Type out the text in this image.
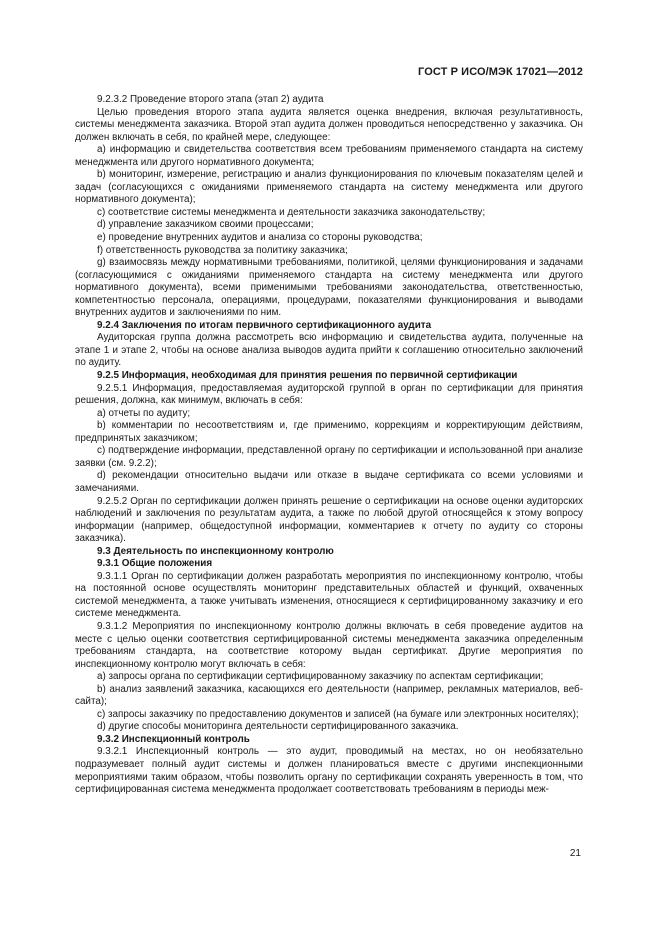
ГОСТ Р ИСО/МЭК 17021—2012

9.2.3.2 Проведение второго этапа (этап 2) аудита

Целью проведения второго этапа аудита является оценка внедрения, включая результативность, системы менеджмента заказчика. Второй этап аудита должен проводиться непосредственно у заказчика. Он должен включать в себя, по крайней мере, следующее:

a) информацию и свидетельства соответствия всем требованиям применяемого стандарта на систему менеджмента или другого нормативного документа;

b) мониторинг, измерение, регистрацию и анализ функционирования по ключевым показателям целей и задач (согласующихся с ожиданиями применяемого стандарта на систему менеджмента или другого нормативного документа);

c) соответствие системы менеджмента и деятельности заказчика законодательству;

d) управление заказчиком своими процессами;

e) проведение внутренних аудитов и анализа со стороны руководства;

f) ответственность руководства за политику заказчика;

g) взаимосвязь между нормативными требованиями, политикой, целями функционирования и задачами (согласующимися с ожиданиями применяемого стандарта на систему менеджмента или другого нормативного документа), всеми применимыми требованиями законодательства, ответственностью, компетентностью персонала, операциями, процедурами, показателями функционирования и выводами внутренних аудитов и заключениями по ним.

9.2.4 Заключения по итогам первичного сертификационного аудита

Аудиторская группа должна рассмотреть всю информацию и свидетельства аудита, полученные на этапе 1 и этапе 2, чтобы на основе анализа выводов аудита прийти к соглашению относительно заключений по аудиту.

9.2.5 Информация, необходимая для принятия решения по первичной сертификации

9.2.5.1 Информация, предоставляемая аудиторской группой в орган по сертификации для принятия решения, должна, как минимум, включать в себя:

a) отчеты по аудиту;

b) комментарии по несоответствиям и, где применимо, коррекциям и корректирующим действиям, предпринятых заказчиком;

c) подтверждение информации, представленной органу по сертификации и использованной при анализе заявки (см. 9.2.2);

d) рекомендации относительно выдачи или отказе в выдаче сертификата со всеми условиями и замечаниями.

9.2.5.2 Орган по сертификации должен принять решение о сертификации на основе оценки аудиторских наблюдений и заключения по результатам аудита, а также по любой другой относящейся к этому вопросу информации (например, общедоступной информации, комментариев к отчету по аудиту со стороны заказчика).

9.3 Деятельность по инспекционному контролю

9.3.1 Общие положения

9.3.1.1 Орган по сертификации должен разработать мероприятия по инспекционному контролю, чтобы на постоянной основе осуществлять мониторинг представительных областей и функций, охваченных системой менеджмента, а также учитывать изменения, относящиеся к сертифицированному заказчику и его системе менеджмента.

9.3.1.2 Мероприятия по инспекционному контролю должны включать в себя проведение аудитов на месте с целью оценки соответствия сертифицированной системы менеджмента заказчика определенным требованиям стандарта, на соответствие которому выдан сертификат. Другие мероприятия по инспекционному контролю могут включать в себя:

a) запросы органа по сертификации сертифицированному заказчику по аспектам сертификации;

b) анализ заявлений заказчика, касающихся его деятельности (например, рекламных материалов, веб-сайта);

c) запросы заказчику по предоставлению документов и записей (на бумаге или электронных носителях);

d) другие способы мониторинга деятельности сертифицированного заказчика.

9.3.2 Инспекционный контроль

9.3.2.1 Инспекционный контроль — это аудит, проводимый на местах, но он необязательно подразумевает полный аудит системы и должен планироваться вместе с другими инспекционными мероприятиями таким образом, чтобы позволить органу по сертификации сохранять уверенность в том, что сертифицированная система менеджмента продолжает соответствовать требованиям в периоды меж-

21
